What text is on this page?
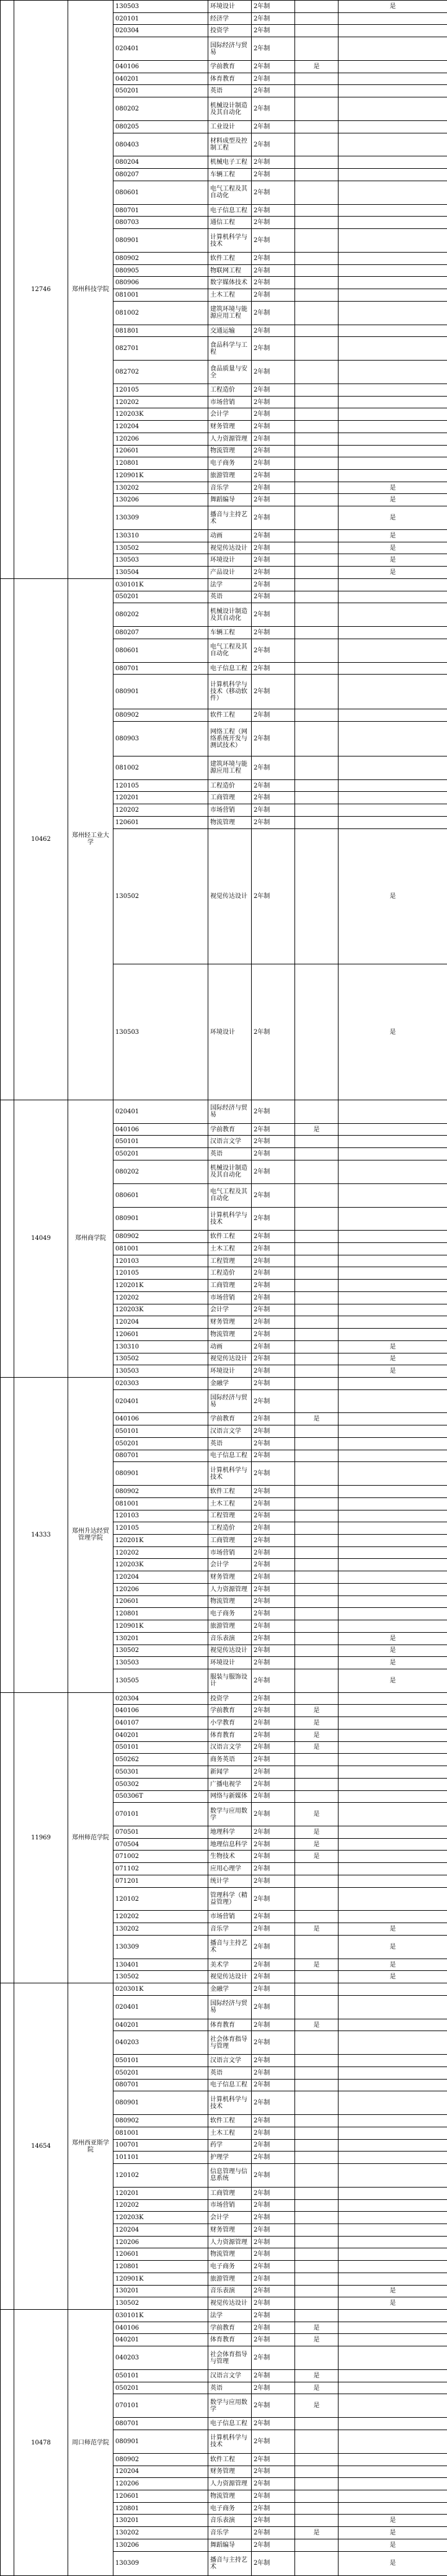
	12746	郑州科技学院	130503	环境设计	2年制		是	
			020101	经济学	2年制			
			020304	投资学	2年制			
			020401	国际经济与贸易	2年制			
			040106	学前教育	2年制	是		
			040201	体育教育	2年制			
			050201	英语	2年制			
			080202	机械设计制造及其自动化	2年制			
			080205	工业设计	2年制			
			080403	材料成型及控制工程	2年制			
			080204	机械电子工程	2年制			
			080207	车辆工程	2年制			
			080601	电气工程及其自动化	2年制			
			080701	电子信息工程	2年制			
			080703	通信工程	2年制			
			080901	计算机科学与技术	2年制			
			080902	软件工程	2年制			
			080905	物联网工程	2年制			
			080906	数字媒体技术	2年制			
			081001	土木工程	2年制			
			081002	建筑环境与能源应用工程	2年制			
			081801	交通运输	2年制			
			082701	食品科学与工程	2年制			
			082702	食品质量与安全	2年制			
			120105	工程造价	2年制			
			120202	市场营销	2年制			
			120203K	会计学	2年制			
			120204	财务管理	2年制			
			120206	人力资源管理	2年制			
			120601	物流管理	2年制			
			120801	电子商务	2年制			
			120901K	旅游管理	2年制			
			130202	音乐学	2年制		是	
			130206	舞蹈编导	2年制		是	
			130309	播音与主持艺术	2年制		是	
			130310	动画	2年制		是	
			130502	视觉传达设计	2年制		是	
			130503	环境设计	2年制		是	
			130504	产品设计	2年制		是	
	10462	郑州轻工业大学	030101K	法学	2年制			
			050201	英语	2年制			
			080202	机械设计制造及其自动化	2年制			
			080207	车辆工程	2年制			
			080601	电气工程及其自动化	2年制			
			080701	电子信息工程	2年制			
			080901	计算机科学与技术（移动软件）	2年制			
			080902	软件工程	2年制			
			080903	网络工程（网络系统开发与测试技术）	2年制			
			081002	建筑环境与能源应用工程	2年制			
			120105	工程造价	2年制			
			120201	工商管理	2年制			
			120202	市场营销	2年制			
			120601	物流管理	2年制			
			130502	视觉传达设计	2年制		是	
			130503	环境设计	2年制		是	
	14049	郑州商学院	020401	国际经济与贸易	2年制			
			040106	学前教育	2年制	是		
			050101	汉语言文学	2年制			
			050201	英语	2年制			
			080202	机械设计制造及其自动化	2年制			
			080601	电气工程及其自动化	2年制			
			080901	计算机科学与技术	2年制			
			080902	软件工程	2年制			
			081001	土木工程	2年制			
			120103	工程管理	2年制			
			120105	工程造价	2年制			
			120201K	工商管理	2年制			
			120202	市场营销	2年制			
			120203K	会计学	2年制			
			120204	财务管理	2年制			
			120601	物流管理	2年制			
			130310	动画	2年制		是	
			130502	视觉传达设计	2年制		是	
			130503	环境设计	2年制		是	
	14333	郑州升达经贸管理学院	020303	金融学	2年制			
			020401	国际经济与贸易	2年制			
			040106	学前教育	2年制	是		
			050101	汉语言文学	2年制			
			050201	英语	2年制			
			080701	电子信息工程	2年制			
			080901	计算机科学与技术	2年制			
			080902	软件工程	2年制			
			081001	土木工程	2年制			
			120103	工程管理	2年制			
			120105	工程造价	2年制			
			120201K	工商管理	2年制			
			120202	市场营销	2年制			
			120203K	会计学	2年制			
			120204	财务管理	2年制			
			120206	人力资源管理	2年制			
			120601	物流管理	2年制			
			120801	电子商务	2年制			
			120901K	旅游管理	2年制			
			130201	音乐表演	2年制		是	
			130502	视觉传达设计	2年制		是	
			130503	环境设计	2年制		是	
			130505	服装与服饰设计	2年制		是	
	11969	郑州师范学院	020304	投资学	2年制			
			040106	学前教育	2年制	是		
			040107	小学教育	2年制	是		
			040201	体育教育	2年制	是		
			050101	汉语言文学	2年制	是		
			050262	商务英语	2年制			
			050301	新闻学	2年制			
			050302	广播电视学	2年制			
			050306T	网络与新媒体	2年制			
			070101	数学与应用数学	2年制	是		
			070501	地理科学	2年制	是		
			070504	地理信息科学	2年制	是		
			071002	生物技术	2年制	是		
			071102	应用心理学	2年制			
			071201	统计学	2年制			
			120102	管理科学（精益管理）	2年制			
			120202	市场营销	2年制			
			130202	音乐学	2年制	是	是	
			130309	播音与主持艺术	2年制		是	
			130401	美术学	2年制	是	是	
			130502	视觉传达设计	2年制		是	
	14654	郑州西亚斯学院	020301K	金融学	2年制			
			020401	国际经济与贸易	2年制			
			040201	体育教育	2年制	是		
			040203	社会体育指导与管理	2年制			
			050101	汉语言文学	2年制			
			050201	英语	2年制			
			080701	电子信息工程	2年制			
			080901	计算机科学与技术	2年制			
			080902	软件工程	2年制			
			081001	土木工程	2年制			
			100701	药学	2年制			
			101101	护理学	2年制			
			120102	信息管理与信息系统	2年制			
			120201	工商管理	2年制			
			120202	市场营销	2年制			
			120203K	会计学	2年制			
			120204	财务管理	2年制			
			120206	人力资源管理	2年制			
			120601	物流管理	2年制			
			120801	电子商务	2年制			
			120901K	旅游管理	2年制			
			130201	音乐表演	2年制		是	
			130502	视觉传达设计	2年制		是	
	10478	周口师范学院	030101K	法学	2年制			
			040106	学前教育	2年制	是		
			040201	体育教育	2年制	是		
			040203	社会体育指导与管理	2年制			
			050101	汉语言文学	2年制	是		
			050201	英语	2年制	是		
			070101	数学与应用数学	2年制	是		
			080701	电子信息工程	2年制			
			080901	计算机科学与技术	2年制			
			080902	软件工程	2年制			
			120204	财务管理	2年制			
			120206	人力资源管理	2年制			
			120601	物流管理	2年制			
			120801	电子商务	2年制			
			130201	音乐表演	2年制		是	
			130202	音乐学	2年制	是	是	
			130206	舞蹈编导	2年制		是	
			130309	播音与主持艺术	2年制		是	
